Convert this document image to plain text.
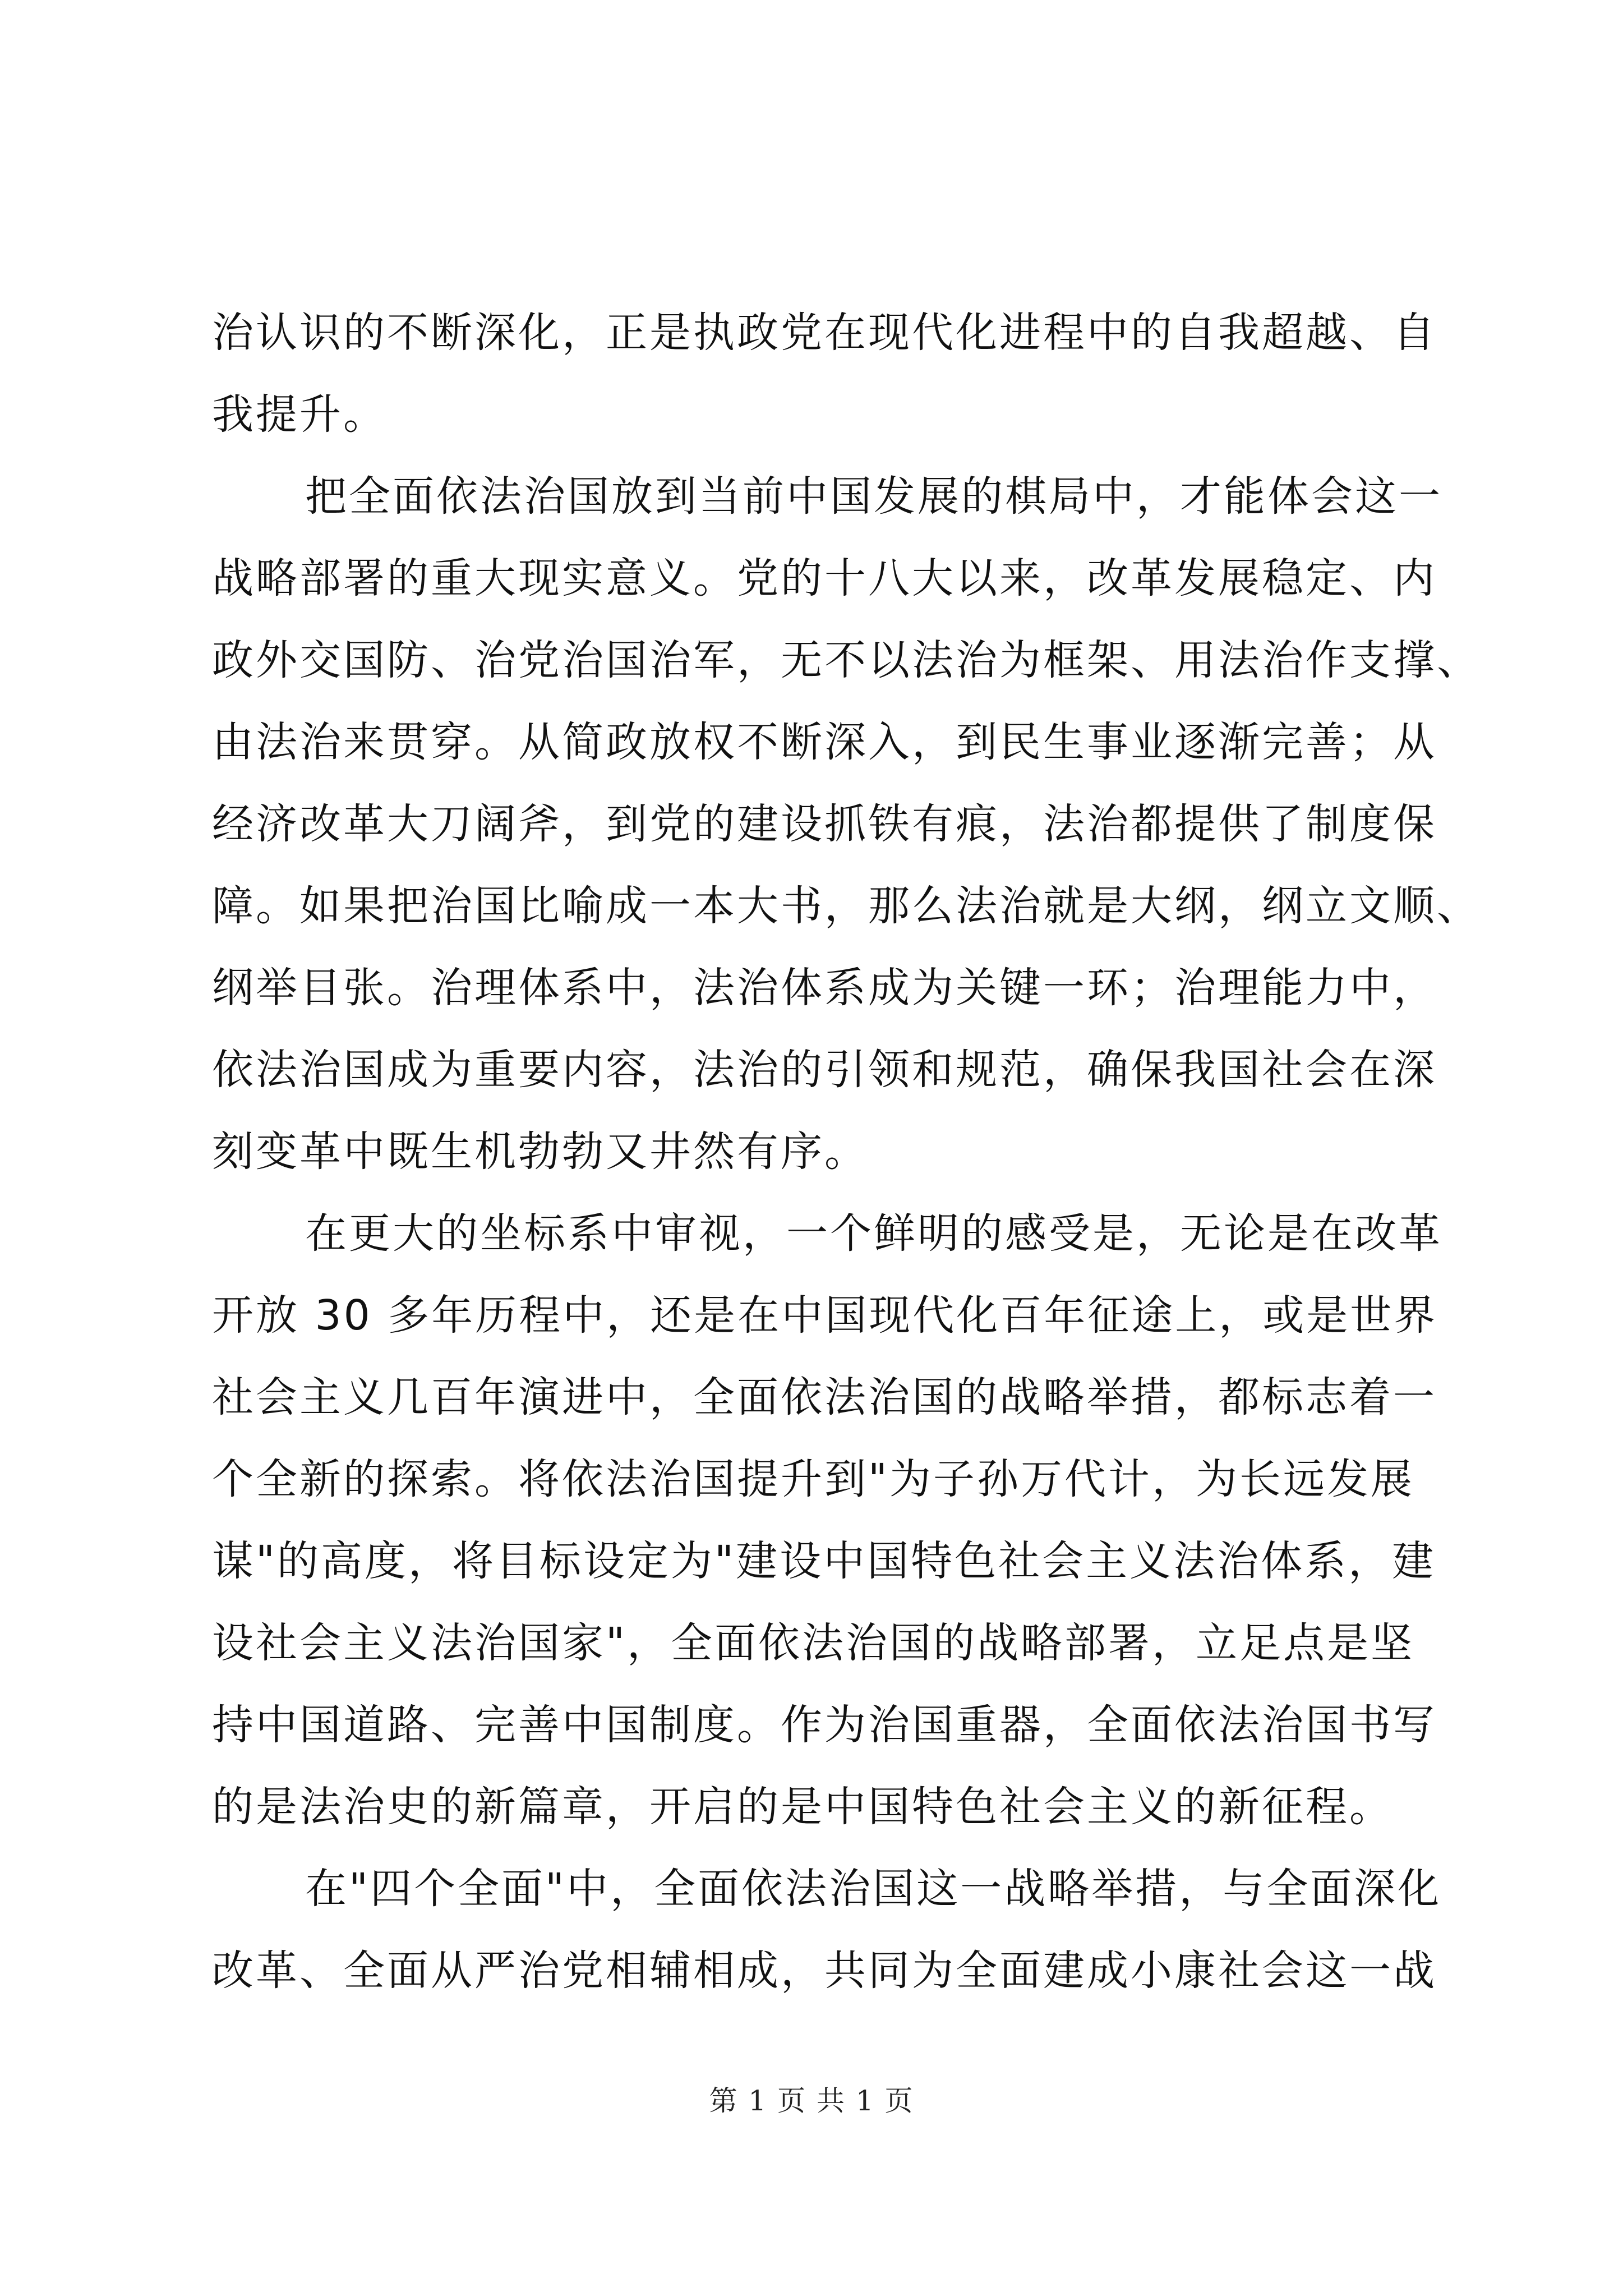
治认识的不断深化，正是执政党在现代化进程中的自我超越、自
我提升。
把全面依法治国放到当前中国发展的棋局中，才能体会这一
战略部署的重大现实意义。党的十八大以来，改革发展稳定、内
政外交国防、治党治国治军，无不以法治为框架、用法治作支撑、
由法治来贯穿。从简政放权不断深入，到民生事业逐渐完善；从
经济改革大刀阔斧，到党的建设抓铁有痕，法治都提供了制度保
障。如果把治国比喻成一本大书，那么法治就是大纲，纲立文顺、
纲举目张。治理体系中，法治体系成为关键一环；治理能力中，
依法治国成为重要内容，法治的引领和规范，确保我国社会在深
刻变革中既生机勃勃又井然有序。
在更大的坐标系中审视，一个鲜明的感受是，无论是在改革
开放 30 多年历程中，还是在中国现代化百年征途上，或是世界
社会主义几百年演进中，全面依法治国的战略举措，都标志着一
个全新的探索。将依法治国提升到"为子孙万代计，为长远发展
谋"的高度，将目标设定为"建设中国特色社会主义法治体系，建
设社会主义法治国家"，全面依法治国的战略部署，立足点是坚
持中国道路、完善中国制度。作为治国重器，全面依法治国书写
的是法治史的新篇章，开启的是中国特色社会主义的新征程。
在"四个全面"中，全面依法治国这一战略举措，与全面深化
改革、全面从严治党相辅相成，共同为全面建成小康社会这一战
第 1 页 共 1 页
